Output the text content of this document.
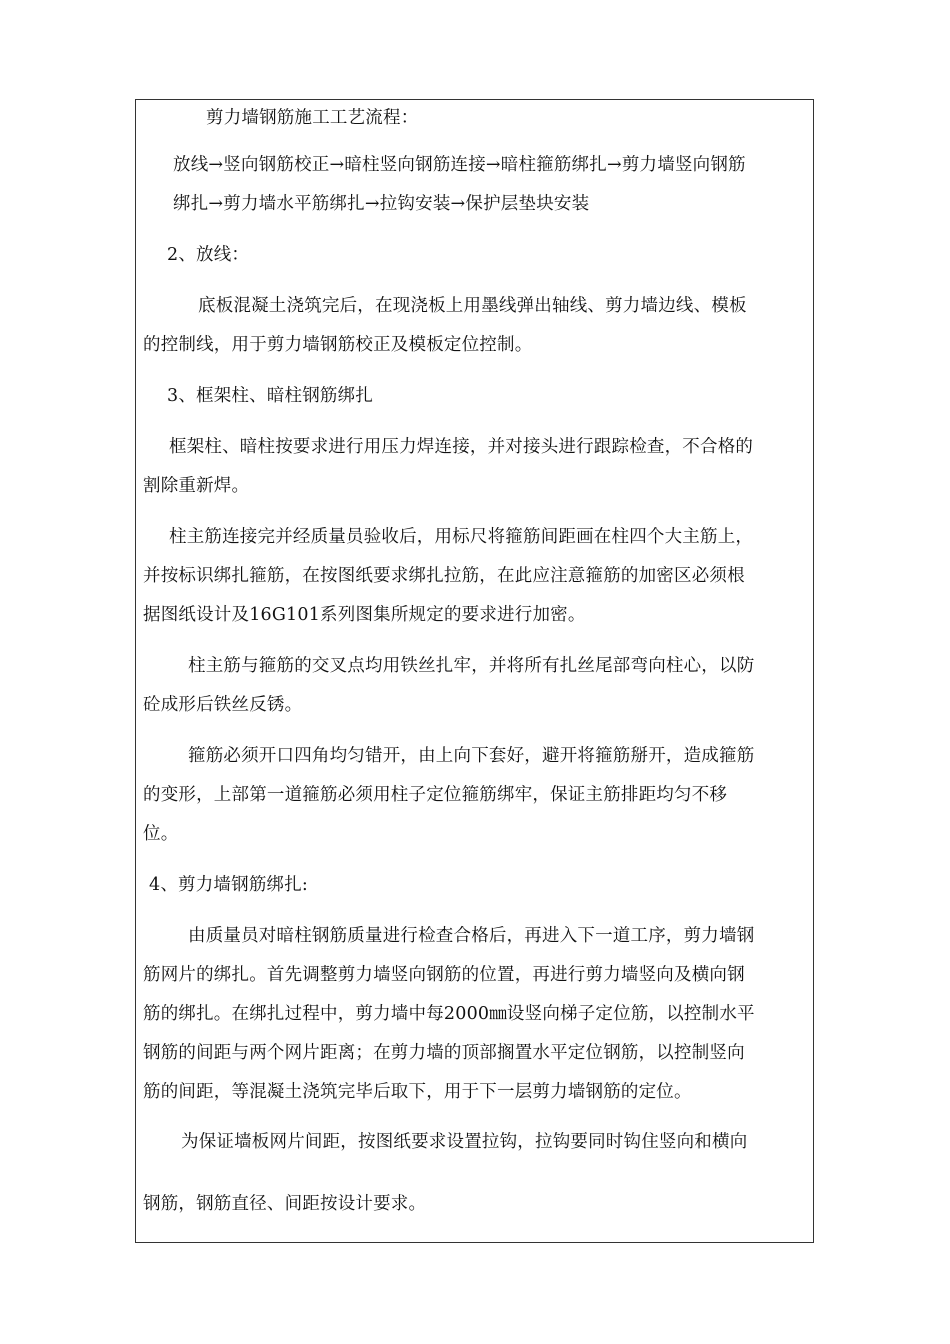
剪力墙钢筋施工工艺流程：

放线→竖向钢筋校正→暗柱竖向钢筋连接→暗柱箍筋绑扎→剪力墙竖向钢筋

绑扎→剪力墙水平筋绑扎→拉钩安装→保护层垫块安装

2、放线：

底板混凝土浇筑完后，在现浇板上用墨线弹出轴线、剪力墙边线、模板

的控制线，用于剪力墙钢筋校正及模板定位控制。

3、框架柱、暗柱钢筋绑扎

框架柱、暗柱按要求进行用压力焊连接，并对接头进行跟踪检查，不合格的

割除重新焊。

柱主筋连接完并经质量员验收后，用标尺将箍筋间距画在柱四个大主筋上，

并按标识绑扎箍筋，在按图纸要求绑扎拉筋，在此应注意箍筋的加密区必须根

据图纸设计及16G101系列图集所规定的要求进行加密。

柱主筋与箍筋的交叉点均用铁丝扎牢，并将所有扎丝尾部弯向柱心，以防

砼成形后铁丝反锈。

箍筋必须开口四角均匀错开，由上向下套好，避开将箍筋掰开，造成箍筋

的变形，上部第一道箍筋必须用柱子定位箍筋绑牢，保证主筋排距均匀不移

位。

4、剪力墙钢筋绑扎:

由质量员对暗柱钢筋质量进行检查合格后，再进入下一道工序，剪力墙钢

筋网片的绑扎。首先调整剪力墙竖向钢筋的位置，再进行剪力墙竖向及横向钢

筋的绑扎。在绑扎过程中，剪力墙中每2000㎜设竖向梯子定位筋，以控制水平

钢筋的间距与两个网片距离；在剪力墙的顶部搁置水平定位钢筋，以控制竖向

筋的间距，等混凝土浇筑完毕后取下，用于下一层剪力墙钢筋的定位。

为保证墙板网片间距，按图纸要求设置拉钩，拉钩要同时钩住竖向和横向

钢筋，钢筋直径、间距按设计要求。
